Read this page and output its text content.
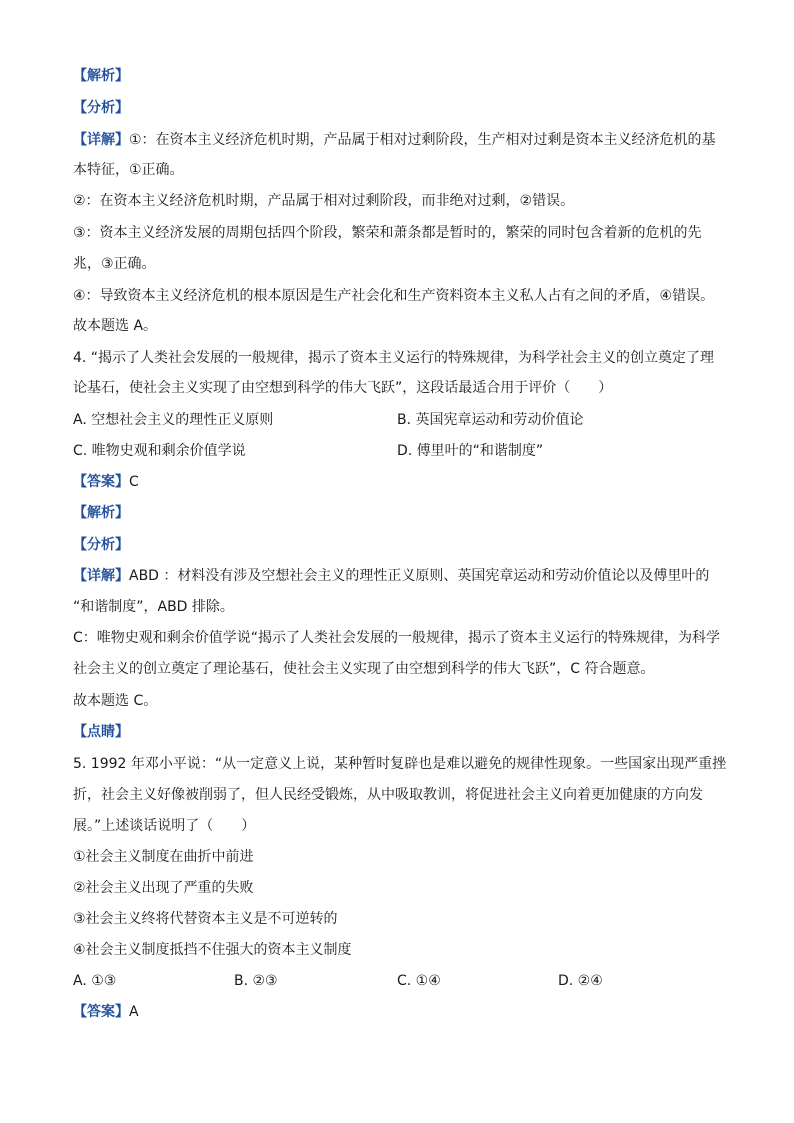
【解析】
【分析】
【详解】①：在资本主义经济危机时期，产品属于相对过剩阶段，生产相对过剩是资本主义经济危机的基
本特征，①正确。
②：在资本主义经济危机时期，产品属于相对过剩阶段，而非绝对过剩，②错误。
③：资本主义经济发展的周期包括四个阶段，繁荣和萧条都是暂时的，繁荣的同时包含着新的危机的先
兆，③正确。
④：导致资本主义经济危机的根本原因是生产社会化和生产资料资本主义私人占有之间的矛盾，④错误。
故本题选 A。
4. “揭示了人类社会发展的一般规律，揭示了资本主义运行的特殊规律，为科学社会主义的创立奠定了理
论基石，使社会主义实现了由空想到科学的伟大飞跃”，这段话最适合用于评价（　　）
A. 空想社会主义的理性正义原则	B. 英国宪章运动和劳动价值论
C. 唯物史观和剩余价值学说	D. 傅里叶的“和谐制度”
【答案】C
【解析】
【分析】
【详解】ABD ：材料没有涉及空想社会主义的理性正义原则、英国宪章运动和劳动价值论以及傅里叶的
“和谐制度”，ABD 排除。
C：唯物史观和剩余价值学说“揭示了人类社会发展的一般规律，揭示了资本主义运行的特殊规律，为科学
社会主义的创立奠定了理论基石，使社会主义实现了由空想到科学的伟大飞跃”，C 符合题意。
故本题选 C。
【点睛】
5. 1992 年邓小平说：“从一定意义上说，某种暂时复辟也是难以避免的规律性现象。一些国家出现严重挫
折，社会主义好像被削弱了，但人民经受锻炼，从中吸取教训，将促进社会主义向着更加健康的方向发
展。”上述谈话说明了（　　）
①社会主义制度在曲折中前进
②社会主义出现了严重的失败
③社会主义终将代替资本主义是不可逆转的
④社会主义制度抵挡不住强大的资本主义制度
A. ①③	B. ②③	C. ①④	D. ②④
【答案】A
